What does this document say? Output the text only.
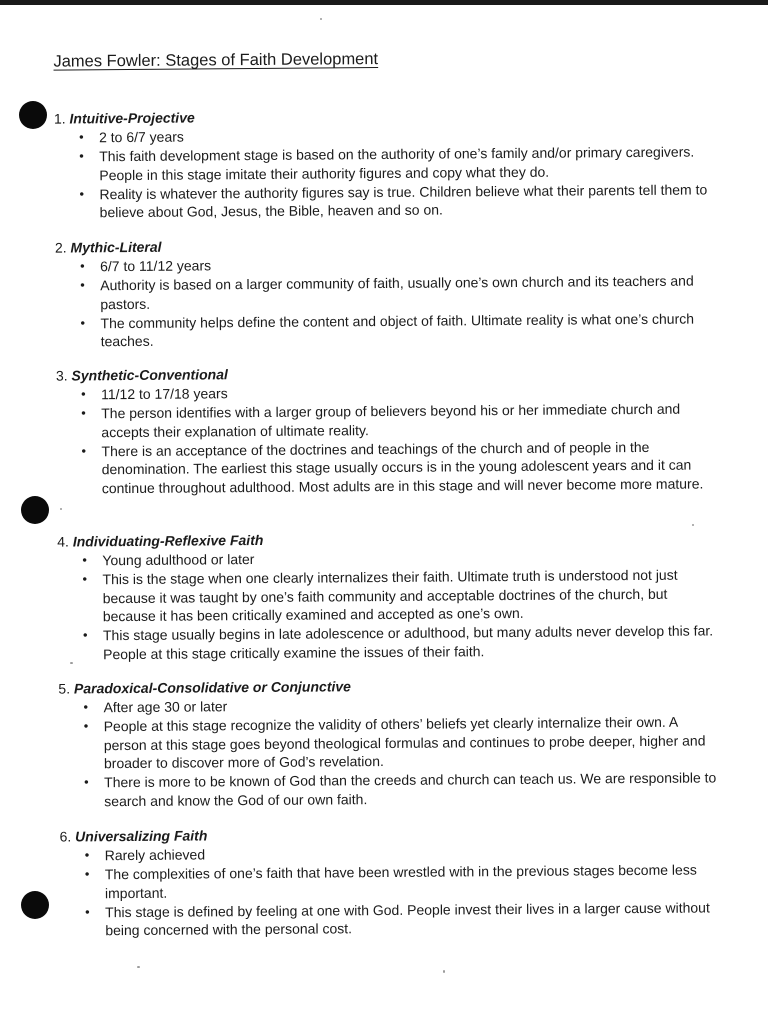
James Fowler: Stages of Faith Development
1. Intuitive-Projective
• 2 to 6/7 years
• This faith development stage is based on the authority of one’s family and/or primary caregivers. People in this stage imitate their authority figures and copy what they do.
• Reality is whatever the authority figures say is true. Children believe what their parents tell them to believe about God, Jesus, the Bible, heaven and so on.
2. Mythic-Literal
• 6/7 to 11/12 years
• Authority is based on a larger community of faith, usually one’s own church and its teachers and pastors.
• The community helps define the content and object of faith. Ultimate reality is what one’s church teaches.
3. Synthetic-Conventional
• 11/12 to 17/18 years
• The person identifies with a larger group of believers beyond his or her immediate church and accepts their explanation of ultimate reality.
• There is an acceptance of the doctrines and teachings of the church and of people in the denomination. The earliest this stage usually occurs is in the young adolescent years and it can continue throughout adulthood. Most adults are in this stage and will never become more mature.
4. Individuating-Reflexive Faith
• Young adulthood or later
• This is the stage when one clearly internalizes their faith. Ultimate truth is understood not just because it was taught by one’s faith community and acceptable doctrines of the church, but because it has been critically examined and accepted as one’s own.
• This stage usually begins in late adolescence or adulthood, but many adults never develop this far. People at this stage critically examine the issues of their faith.
5. Paradoxical-Consolidative or Conjunctive
• After age 30 or later
• People at this stage recognize the validity of others’ beliefs yet clearly internalize their own. A person at this stage goes beyond theological formulas and continues to probe deeper, higher and broader to discover more of God’s revelation.
• There is more to be known of God than the creeds and church can teach us. We are responsible to search and know the God of our own faith.
6. Universalizing Faith
• Rarely achieved
• The complexities of one’s faith that have been wrestled with in the previous stages become less important.
• This stage is defined by feeling at one with God. People invest their lives in a larger cause without being concerned with the personal cost.
